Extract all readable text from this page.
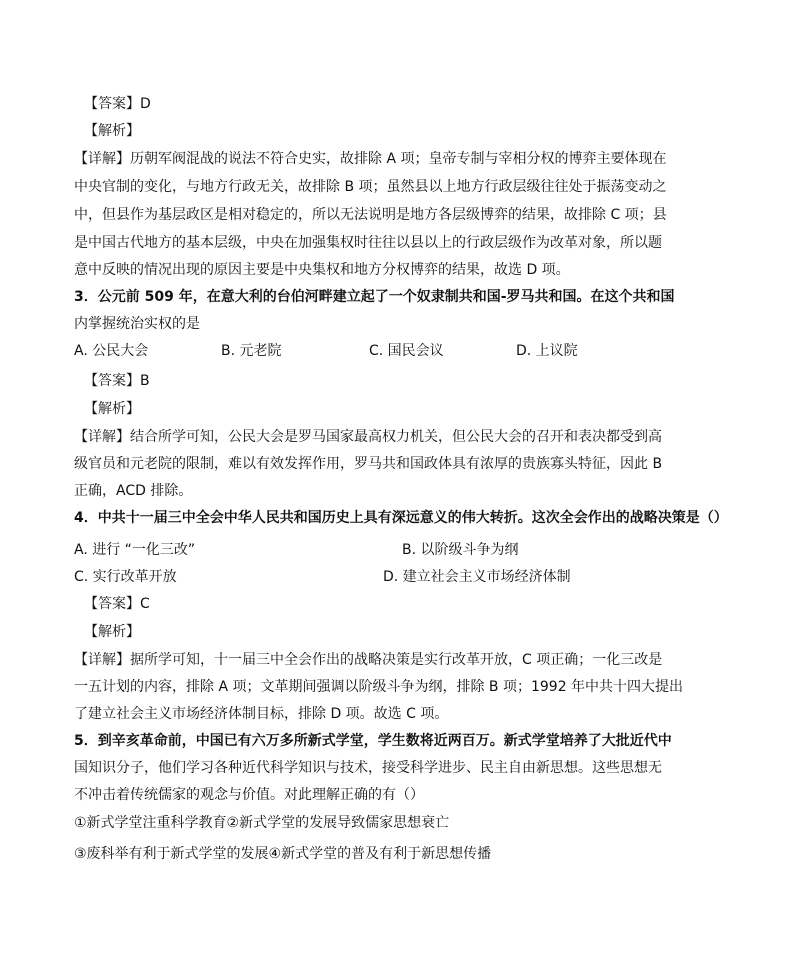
【答案】D
【解析】
【详解】历朝军阀混战的说法不符合史实，故排除 A 项；皇帝专制与宰相分权的博弈主要体现在
中央官制的变化，与地方行政无关，故排除 B 项；虽然县以上地方行政层级往往处于振荡变动之
中，但县作为基层政区是相对稳定的，所以无法说明是地方各层级博弈的结果，故排除 C 项；县
是中国古代地方的基本层级，中央在加强集权时往往以县以上的行政层级作为改革对象，所以题
意中反映的情况出现的原因主要是中央集权和地方分权博弈的结果，故选 D 项。
3．公元前 509 年，在意大利的台伯河畔建立起了一个奴隶制共和国-罗马共和国。在这个共和国
内掌握统治实权的是
A. 公民大会	B. 元老院	C. 国民会议	D. 上议院
【答案】B
【解析】
【详解】结合所学可知，公民大会是罗马国家最高权力机关，但公民大会的召开和表决都受到高
级官员和元老院的限制，难以有效发挥作用，罗马共和国政体具有浓厚的贵族寡头特征，因此 B
正确，ACD 排除。
4．中共十一届三中全会中华人民共和国历史上具有深远意义的伟大转折。这次全会作出的战略决策是（）
A. 进行 “一化三改”	B. 以阶级斗争为纲
C. 实行改革开放	D. 建立社会主义市场经济体制
【答案】C
【解析】
【详解】据所学可知，十一届三中全会作出的战略决策是实行改革开放，C 项正确；一化三改是
一五计划的内容，排除 A 项；文革期间强调以阶级斗争为纲，排除 B 项；1992 年中共十四大提出
了建立社会主义市场经济体制目标，排除 D 项。故选 C 项。
5．到辛亥革命前，中国已有六万多所新式学堂，学生数将近两百万。新式学堂培养了大批近代中
国知识分子，他们学习各种近代科学知识与技术，接受科学进步、民主自由新思想。这些思想无
不冲击着传统儒家的观念与价值。对此理解正确的有（）
①新式学堂注重科学教育②新式学堂的发展导致儒家思想衰亡
③废科举有利于新式学堂的发展④新式学堂的普及有利于新思想传播
